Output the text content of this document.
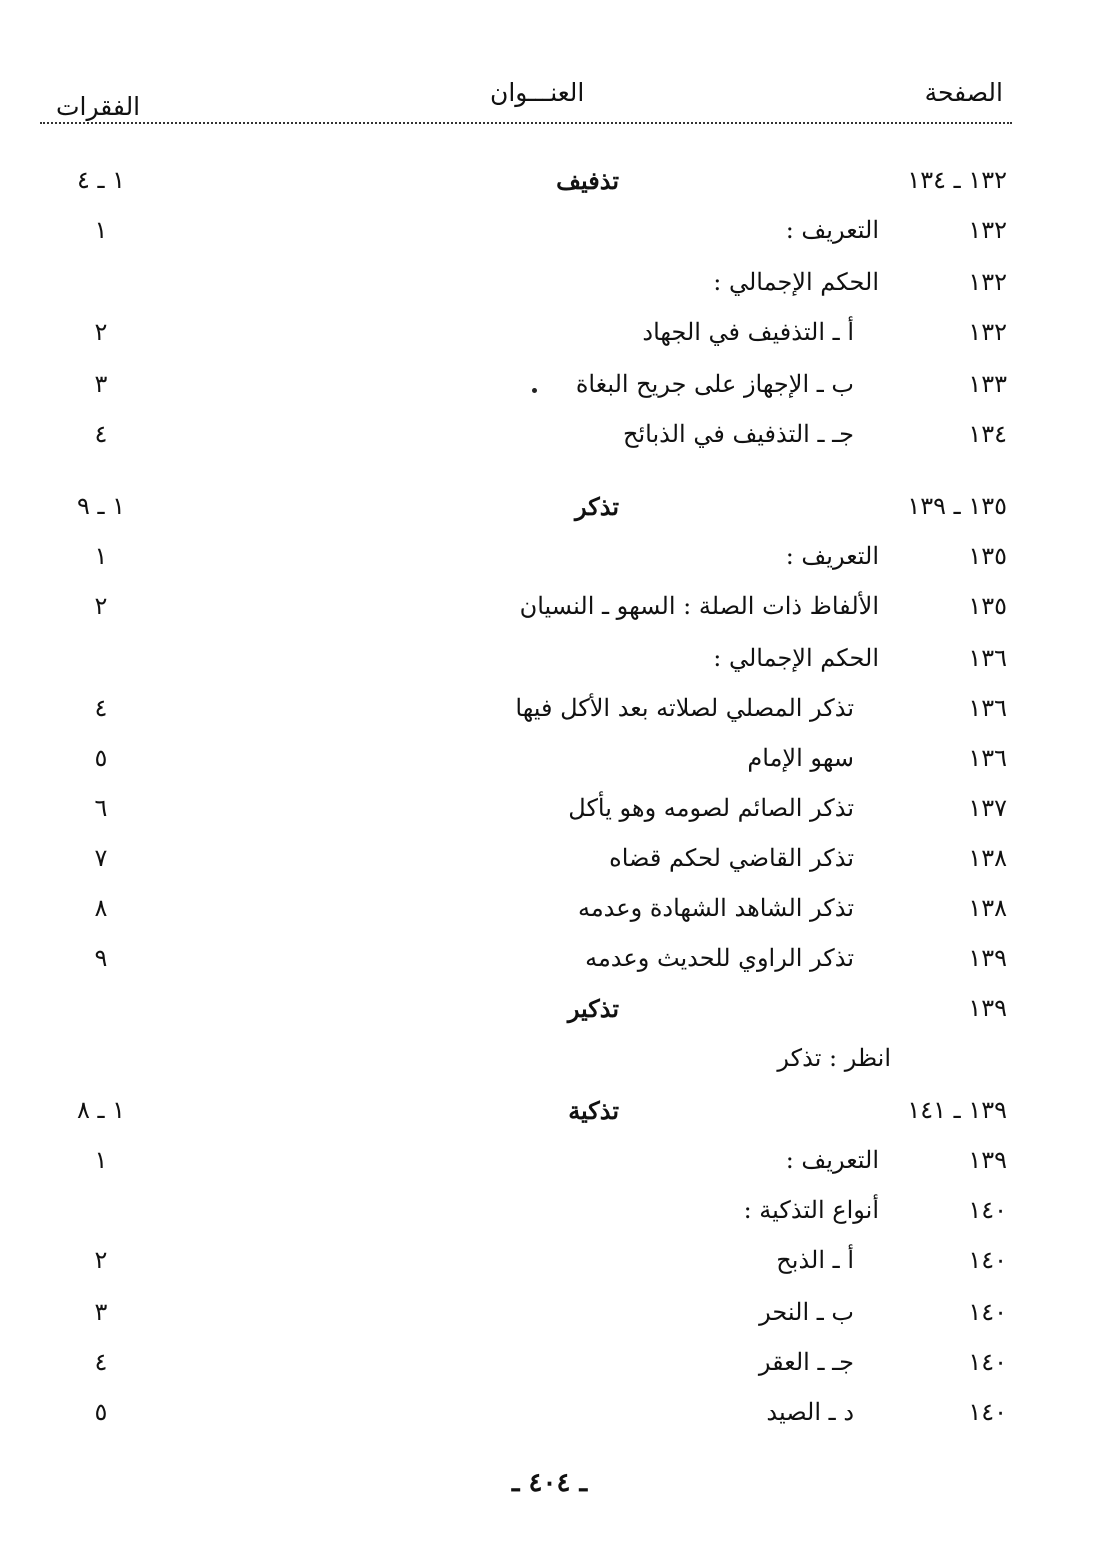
الصفحة
العنـــوان
الفقرات
١٣٢ ـ ١٣٤
تذفيف
١ ـ ٤
١٣٢
التعريف :
١
١٣٢
الحكم الإجمالي :
١٣٢
أ ـ التذفيف في الجهاد
٢
١٣٣
ب ـ الإجهاز على جريح البغاة
٣
١٣٤
جـ ـ التذفيف في الذبائح
٤
١٣٥ ـ ١٣٩
تذكر
١ ـ ٩
١٣٥
التعريف :
١
١٣٥
الألفاظ ذات الصلة : السهو ـ النسيان
٢
١٣٦
الحكم الإجمالي :
١٣٦
تذكر المصلي لصلاته بعد الأكل فيها
٤
١٣٦
سهو الإمام
٥
١٣٧
تذكر الصائم لصومه وهو يأكل
٦
١٣٨
تذكر القاضي لحكم قضاه
٧
١٣٨
تذكر الشاهد الشهادة وعدمه
٨
١٣٩
تذكر الراوي للحديث وعدمه
٩
١٣٩
تذكير
انظر : تذكر
١٣٩ ـ ١٤١
تذكية
١ ـ ٨
١٣٩
التعريف :
١
١٤٠
أنواع التذكية :
١٤٠
أ ـ الذبح
٢
١٤٠
ب ـ النحر
٣
١٤٠
جـ ـ العقر
٤
١٤٠
د ـ الصيد
٥
ـ ٤٠٤ ـ
